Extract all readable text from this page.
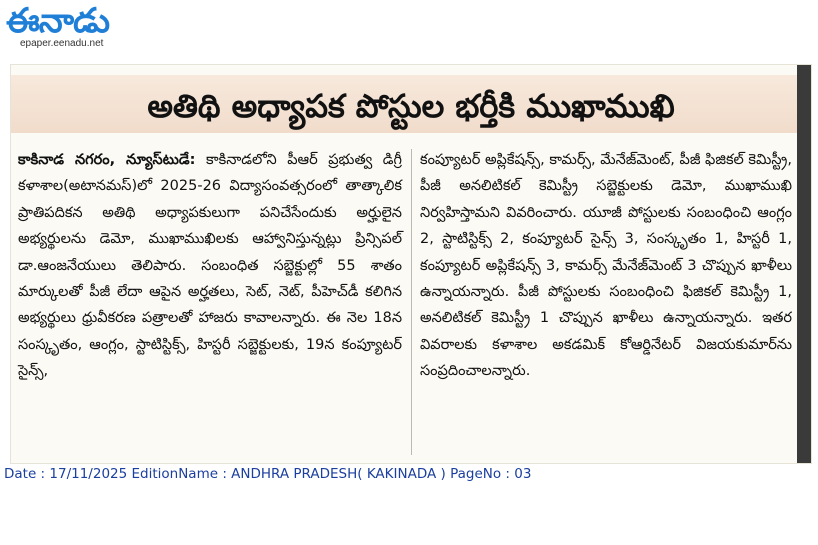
ఈనాడు
epaper.eenadu.net
అతిథి అధ్యాపక పోస్టుల భర్తీకి ముఖాముఖి
కాకినాడ నగరం, న్యూస్‌టుడే: కాకినాడలోని పీఆర్ ప్రభుత్వ డిగ్రీ కళాశాల(అటానమస్)లో 2025-26 విద్యాసంవత్సరంలో తాత్కాలిక ప్రాతిపదికన అతిథి అధ్యాపకులుగా పనిచేసేందుకు అర్హులైన అభ్యర్థులను డెమో, ముఖాముఖిలకు ఆహ్వానిస్తున్నట్లు ప్రిన్సిపల్ డా.ఆంజనేయులు తెలిపారు. సంబంధిత సబ్జెక్టుల్లో 55 శాతం మార్కులతో పీజీ లేదా ఆపైన అర్హతలు, సెట్, నెట్, పీహెచ్‌డీ కలిగిన అభ్యర్థులు ధ్రువీకరణ పత్రాలతో హాజరు కావాలన్నారు. ఈ నెల 18న సంస్కృతం, ఆంగ్లం, స్టాటిస్టిక్స్, హిస్టరీ సబ్జెక్టులకు, 19న కంప్యూటర్ సైన్స్,
కంప్యూటర్ అప్లికేషన్స్, కామర్స్, మేనేజ్‌మెంట్, పీజీ ఫిజికల్ కెమిస్ట్రీ, పీజీ అనలిటికల్ కెమిస్ట్రీ సబ్జెక్టులకు డెమో, ముఖాముఖి నిర్వహిస్తామని వివరించారు. యూజీ పోస్టులకు సంబంధించి ఆంగ్లం 2, స్టాటిస్టిక్స్ 2, కంప్యూటర్ సైన్స్ 3, సంస్కృతం 1, హిస్టరీ 1, కంప్యూటర్ అప్లికేషన్స్ 3, కామర్స్ మేనేజ్‌మెంట్ 3 చొప్పున ఖాళీలు ఉన్నాయన్నారు. పీజీ పోస్టులకు సంబంధించి ఫిజికల్ కెమిస్ట్రీ 1, అనలిటికల్ కెమిస్ట్రీ 1 చొప్పున ఖాళీలు ఉన్నాయన్నారు. ఇతర వివరాలకు కళాశాల అకడమిక్ కోఆర్డినేటర్ విజయకుమార్‌ను సంప్రదించాలన్నారు.
Date : 17/11/2025 EditionName : ANDHRA PRADESH( KAKINADA ) PageNo : 03
